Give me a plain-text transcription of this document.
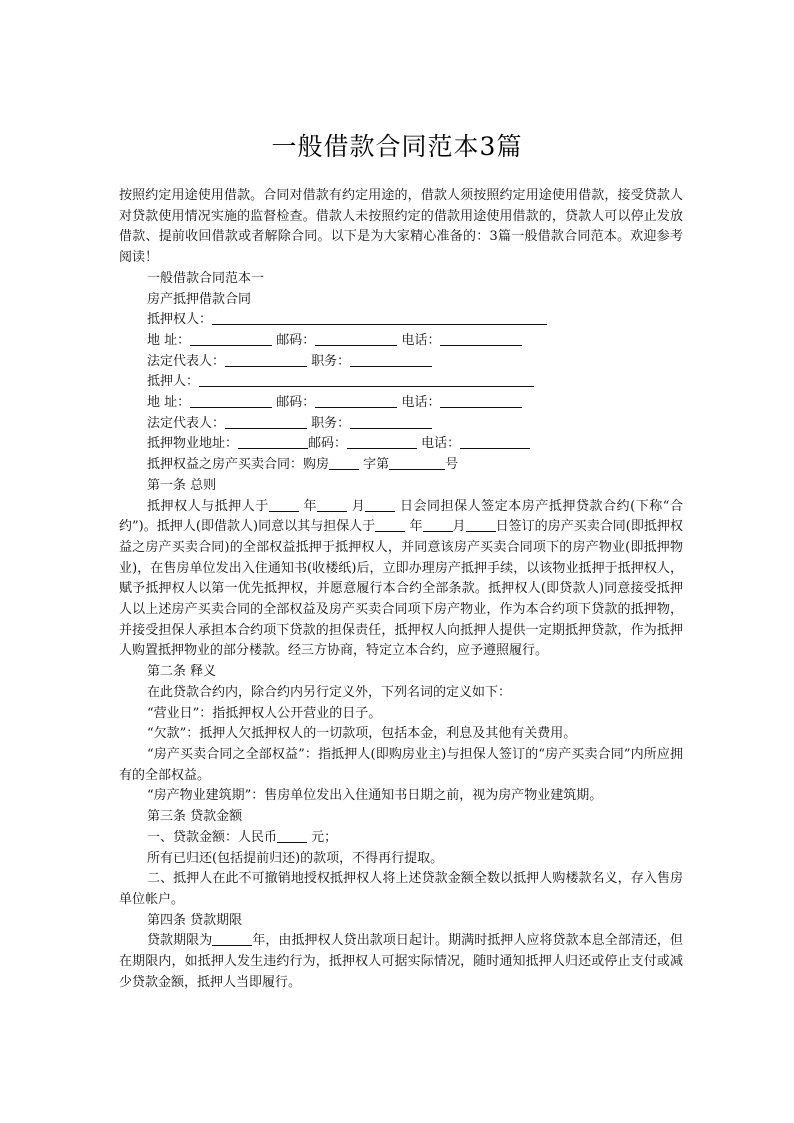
一般借款合同范本3篇

按照约定用途使用借款。合同对借款有约定用途的，借款人须按照约定用途使用借款，接受贷款人对贷款使用情况实施的监督检查。借款人未按照约定的借款用途使用借款的，贷款人可以停止发放借款、提前收回借款或者解除合同。以下是为大家精心准备的：3篇一般借款合同范本。欢迎参考阅读！

一般借款合同范本一

房产抵押借款合同

抵押权人：

地 址：	邮码：	电话：

法定代表人：	职务：

抵押人：

地 址：	邮码：	电话：

法定代表人：	职务：

抵押物业地址：	邮码：	电话：

抵押权益之房产买卖合同：购房	字第	号

第一条 总则

抵押权人与抵押人于	年	月	日会同担保人签定本房产抵押贷款合约(下称“合约”)。抵押人(即借款人)同意以其与担保人于	年 月 日签订的房产买卖合同(即抵押权益之房产买卖合同)的全部权益抵押于抵押权人，并同意该房产买卖合同项下的房产物业(即抵押物业)，在售房单位发出入住通知书(收楼纸)后，立即办理房产抵押手续，以该物业抵押于抵押权人，赋予抵押权人以第一优先抵押权，并愿意履行本合约全部条款。抵押权人(即贷款人)同意接受抵押人以上述房产买卖合同的全部权益及房产买卖合同项下房产物业，作为本合约项下贷款的抵押物，并接受担保人承担本合约项下贷款的担保责任，抵押权人向抵押人提供一定期抵押贷款，作为抵押人购置抵押物业的部分楼款。经三方协商，特定立本合约，应予遵照履行。

第二条 释义

在此贷款合约内，除合约内另行定义外，下列名词的定义如下：

“营业日”：指抵押权人公开营业的日子。

“欠款”：抵押人欠抵押权人的一切款项，包括本金，利息及其他有关费用。

“房产买卖合同之全部权益”：指抵押人(即购房业主)与担保人签订的“房产买卖合同”内所应拥有的全部权益。

“房产物业建筑期”：售房单位发出入住通知书日期之前，视为房产物业建筑期。

第三条 贷款金额

一、贷款金额：人民币	元；

所有已归还(包括提前归还)的款项，不得再行提取。

二、抵押人在此不可撤销地授权抵押权人将上述贷款金额全数以抵押人购楼款名义，存入售房单位帐户。

第四条 贷款期限

贷款期限为	年，由抵押权人贷出款项日起计。期满时抵押人应将贷款本息全部清还，但在期限内，如抵押人发生违约行为，抵押权人可据实际情况，随时通知抵押人归还或停止支付或减少贷款金额，抵押人当即履行。
